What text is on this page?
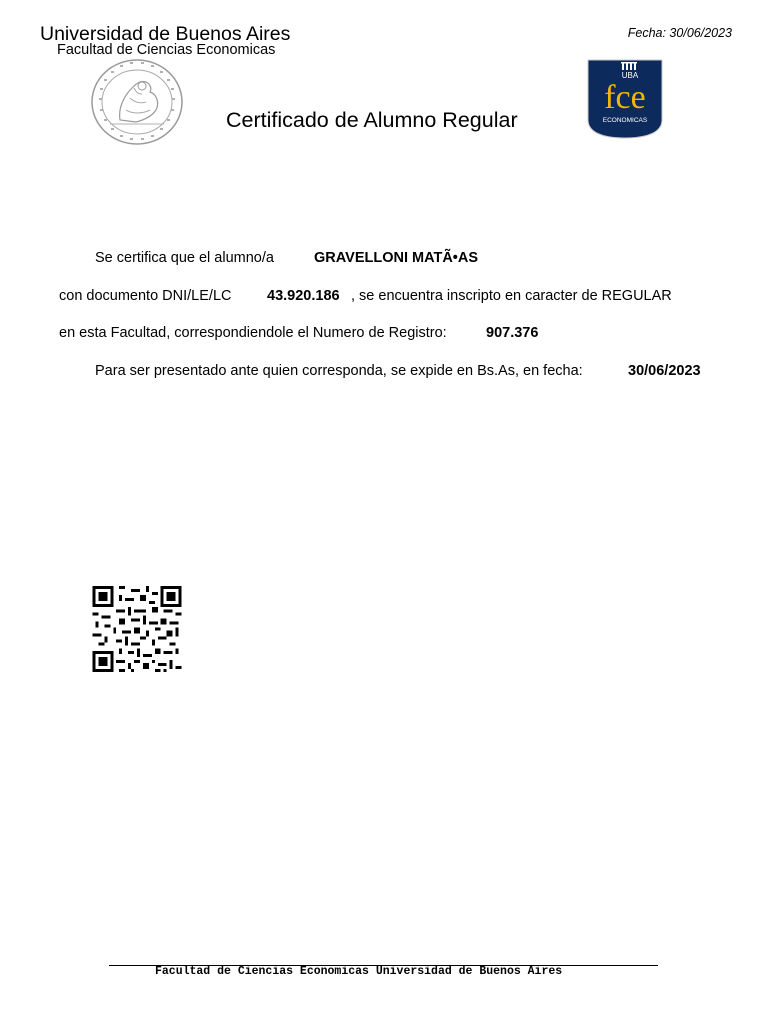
Universidad de Buenos Aires
Facultad de Ciencias Economicas
Fecha: 30/06/2023
Certificado de Alumno Regular
UBA
fce
ECONOMICAS
Se certifica que el alumno/a	GRAVELLONI MATÃ•AS
con documento DNI/LE/LC 43.920.186 , se encuentra inscripto en caracter de REGULAR
en esta Facultad, correspondiendole el Numero de Registro:	907.376
Para ser presentado ante quien corresponda, se expide en Bs.As, en fecha:	30/06/2023
Facultad de Ciencias Economicas Universidad de Buenos Aires
